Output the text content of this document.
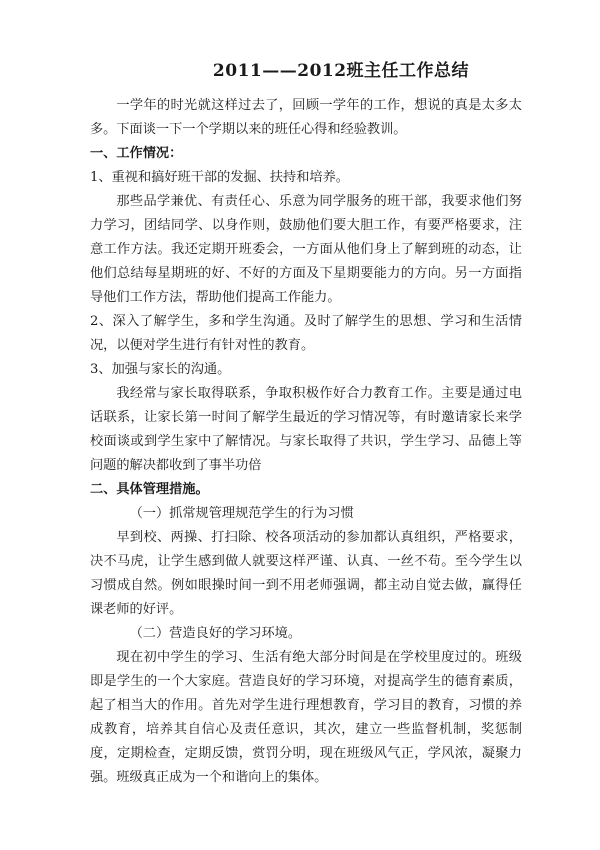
2011——2012班主任工作总结

一学年的时光就这样过去了，回顾一学年的工作，想说的真是太多太多。下面谈一下一个学期以来的班任心得和经验教训。

一、工作情况：

1、重视和搞好班干部的发掘、扶持和培养。

那些品学兼优、有责任心、乐意为同学服务的班干部，我要求他们努力学习，团结同学、以身作则，鼓励他们要大胆工作，有要严格要求，注意工作方法。我还定期开班委会，一方面从他们身上了解到班的动态，让他们总结每星期班的好、不好的方面及下星期要能力的方向。另一方面指导他们工作方法，帮助他们提高工作能力。

2、深入了解学生，多和学生沟通。及时了解学生的思想、学习和生活情况，以便对学生进行有针对性的教育。

3、加强与家长的沟通。

我经常与家长取得联系，争取积极作好合力教育工作。主要是通过电话联系，让家长第一时间了解学生最近的学习情况等，有时邀请家长来学校面谈或到学生家中了解情况。与家长取得了共识，学生学习、品德上等问题的解决都收到了事半功倍

二、具体管理措施。

（一）抓常规管理规范学生的行为习惯

早到校、两操、打扫除、校各项活动的参加都认真组织，严格要求，决不马虎，让学生感到做人就要这样严谨、认真、一丝不苟。至今学生以习惯成自然。例如眼操时间一到不用老师强调，都主动自觉去做，赢得任课老师的好评。

（二）营造良好的学习环境。

现在初中学生的学习、生活有绝大部分时间是在学校里度过的。班级即是学生的一个大家庭。营造良好的学习环境，对提高学生的德育素质，起了相当大的作用。首先对学生进行理想教育，学习目的教育，习惯的养成教育，培养其自信心及责任意识，其次，建立一些监督机制，奖惩制度，定期检查，定期反馈，赏罚分明，现在班级风气正，学风浓，凝聚力强。班级真正成为一个和谐向上的集体。
